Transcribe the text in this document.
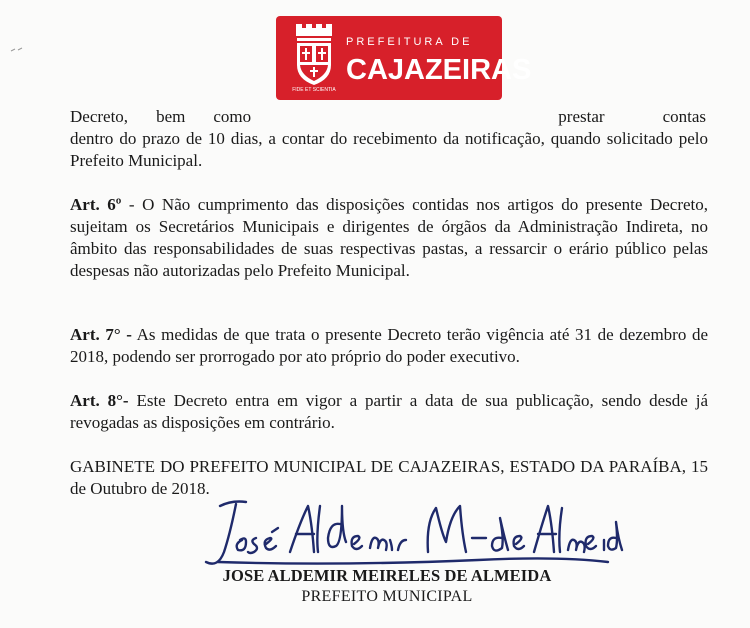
PREFEITURA DE
CAJAZEIRAS
FIDE ET SCIENTIA
Decreto, bem como	prestar	contas
dentro do prazo de 10 dias, a contar do recebimento da notificação, quando solicitado pelo Prefeito Municipal.
Art. 6º - O Não cumprimento das disposições contidas nos artigos do presente Decreto, sujeitam os Secretários Municipais e dirigentes de órgãos da Administração Indireta, no âmbito das responsabilidades de suas respectivas pastas, a ressarcir o erário público pelas despesas não autorizadas pelo Prefeito Municipal.
Art. 7° - As medidas de que trata o presente Decreto terão vigência até 31 de dezembro de 2018, podendo ser prorrogado por ato próprio do poder executivo.
Art. 8°- Este Decreto entra em vigor a partir a data de sua publicação, sendo desde já revogadas as disposições em contrário.
GABINETE DO PREFEITO MUNICIPAL DE CAJAZEIRAS, ESTADO DA PARAÍBA, 15 de Outubro de 2018.
JOSE ALDEMIR MEIRELES DE ALMEIDA
PREFEITO MUNICIPAL
